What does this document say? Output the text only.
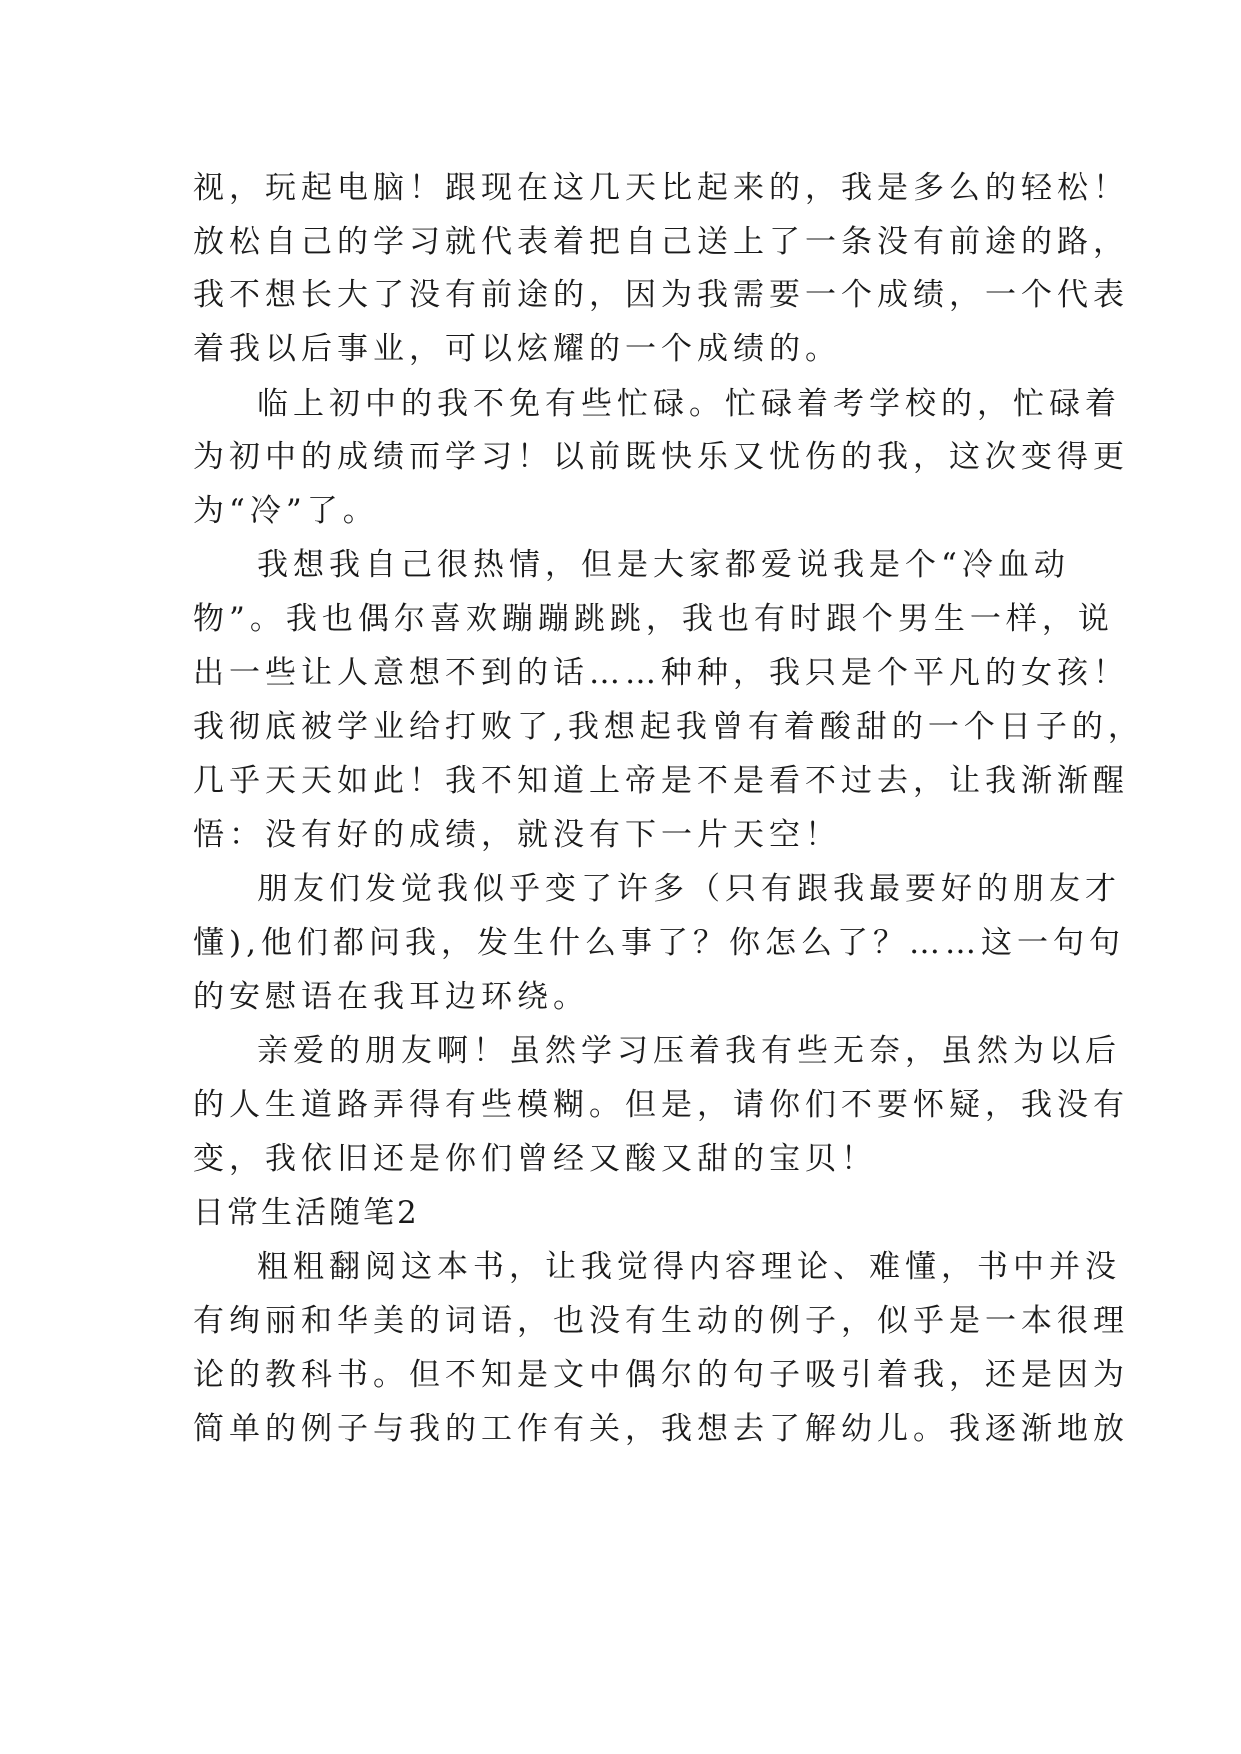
视，玩起电脑！跟现在这几天比起来的，我是多么的轻松！
放松自己的学习就代表着把自己送上了一条没有前途的路，
我不想长大了没有前途的，因为我需要一个成绩，一个代表
着我以后事业，可以炫耀的一个成绩的。
临上初中的我不免有些忙碌。忙碌着考学校的，忙碌着
为初中的成绩而学习！以前既快乐又忧伤的我，这次变得更
为“冷”了。
我想我自己很热情，但是大家都爱说我是个“冷血动
物”。我也偶尔喜欢蹦蹦跳跳，我也有时跟个男生一样，说
出一些让人意想不到的话……种种，我只是个平凡的女孩！
我彻底被学业给打败了,我想起我曾有着酸甜的一个日子的，
几乎天天如此！我不知道上帝是不是看不过去，让我渐渐醒
悟：没有好的成绩，就没有下一片天空！
朋友们发觉我似乎变了许多（只有跟我最要好的朋友才
懂),他们都问我，发生什么事了？你怎么了？……这一句句
的安慰语在我耳边环绕。
亲爱的朋友啊！虽然学习压着我有些无奈，虽然为以后
的人生道路弄得有些模糊。但是，请你们不要怀疑，我没有
变，我依旧还是你们曾经又酸又甜的宝贝！
日常生活随笔2
粗粗翻阅这本书，让我觉得内容理论、难懂，书中并没
有绚丽和华美的词语，也没有生动的例子，似乎是一本很理
论的教科书。但不知是文中偶尔的句子吸引着我，还是因为
简单的例子与我的工作有关，我想去了解幼儿。我逐渐地放
